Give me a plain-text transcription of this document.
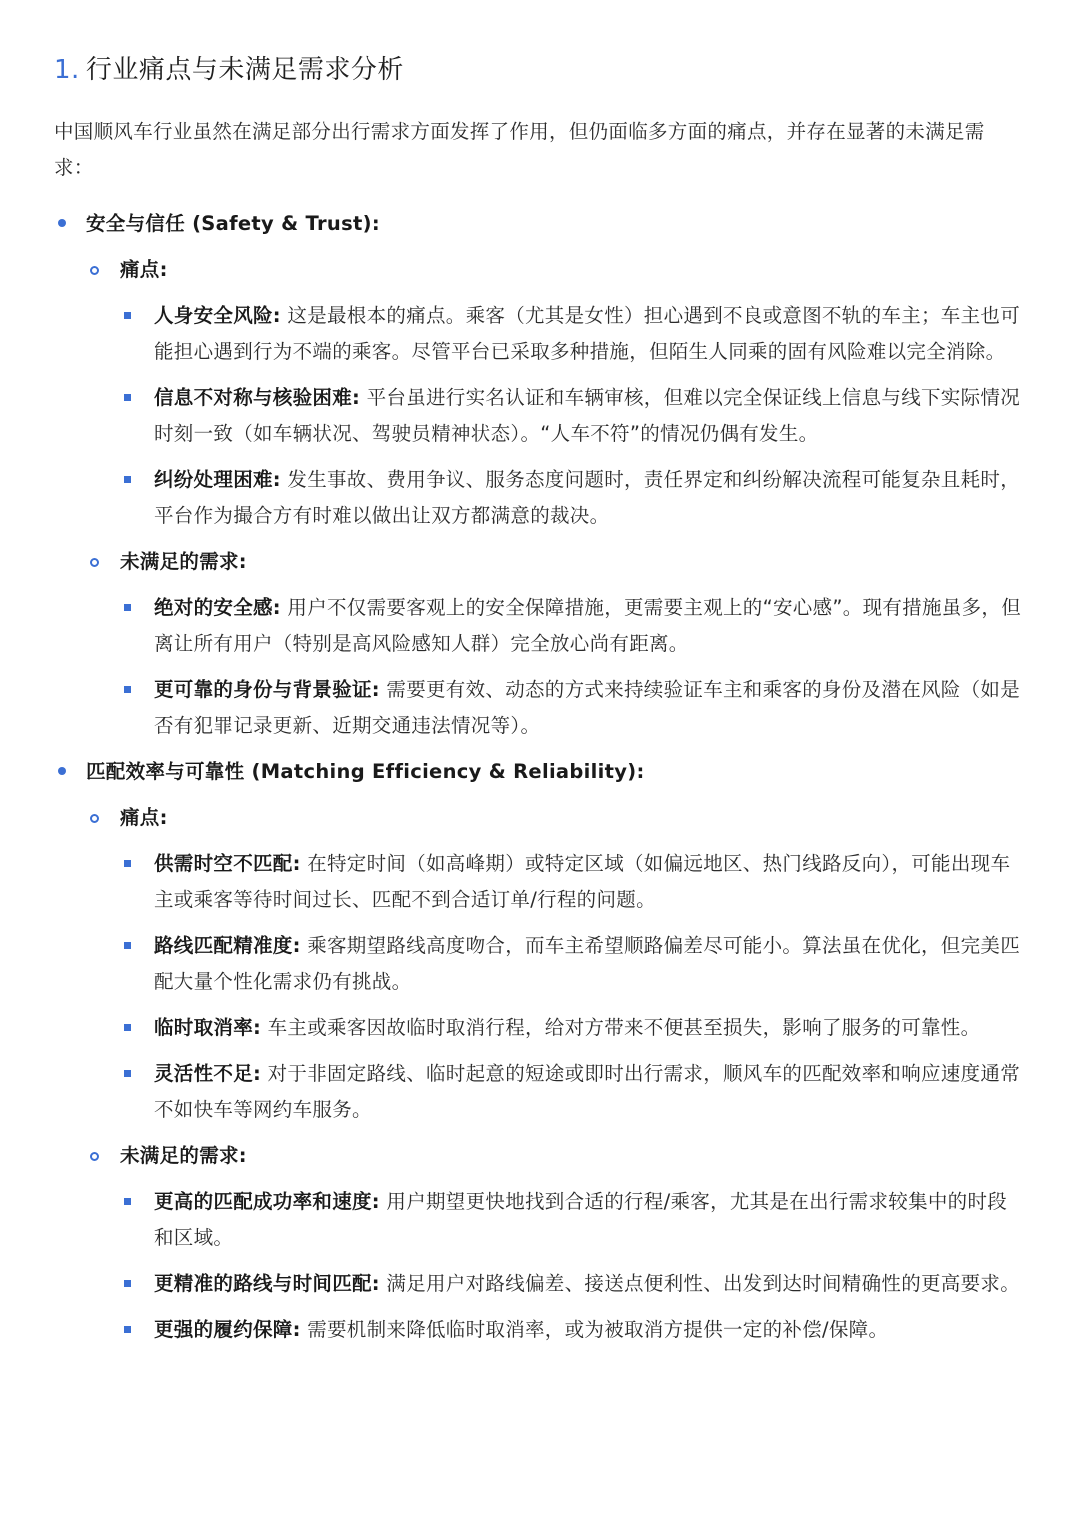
1. 行业痛点与未满足需求分析

中国顺风车行业虽然在满足部分出行需求方面发挥了作用，但仍面临多方面的痛点，并存在显著的未满足需求：

安全与信任 (Safety & Trust):
痛点:
人身安全风险: 这是最根本的痛点。乘客（尤其是女性）担心遇到不良或意图不轨的车主；车主也可能担心遇到行为不端的乘客。尽管平台已采取多种措施，但陌生人同乘的固有风险难以完全消除。
信息不对称与核验困难: 平台虽进行实名认证和车辆审核，但难以完全保证线上信息与线下实际情况时刻一致（如车辆状况、驾驶员精神状态）。“人车不符”的情况仍偶有发生。
纠纷处理困难: 发生事故、费用争议、服务态度问题时，责任界定和纠纷解决流程可能复杂且耗时，平台作为撮合方有时难以做出让双方都满意的裁决。
未满足的需求:
绝对的安全感: 用户不仅需要客观上的安全保障措施，更需要主观上的“安心感”。现有措施虽多，但离让所有用户（特别是高风险感知人群）完全放心尚有距离。
更可靠的身份与背景验证: 需要更有效、动态的方式来持续验证车主和乘客的身份及潜在风险（如是否有犯罪记录更新、近期交通违法情况等）。
匹配效率与可靠性 (Matching Efficiency & Reliability):
痛点:
供需时空不匹配: 在特定时间（如高峰期）或特定区域（如偏远地区、热门线路反向），可能出现车主或乘客等待时间过长、匹配不到合适订单/行程的问题。
路线匹配精准度: 乘客期望路线高度吻合，而车主希望顺路偏差尽可能小。算法虽在优化，但完美匹配大量个性化需求仍有挑战。
临时取消率: 车主或乘客因故临时取消行程，给对方带来不便甚至损失，影响了服务的可靠性。
灵活性不足: 对于非固定路线、临时起意的短途或即时出行需求，顺风车的匹配效率和响应速度通常不如快车等网约车服务。
未满足的需求:
更高的匹配成功率和速度: 用户期望更快地找到合适的行程/乘客，尤其是在出行需求较集中的时段和区域。
更精准的路线与时间匹配: 满足用户对路线偏差、接送点便利性、出发到达时间精确性的更高要求。
更强的履约保障: 需要机制来降低临时取消率，或为被取消方提供一定的补偿/保障。
